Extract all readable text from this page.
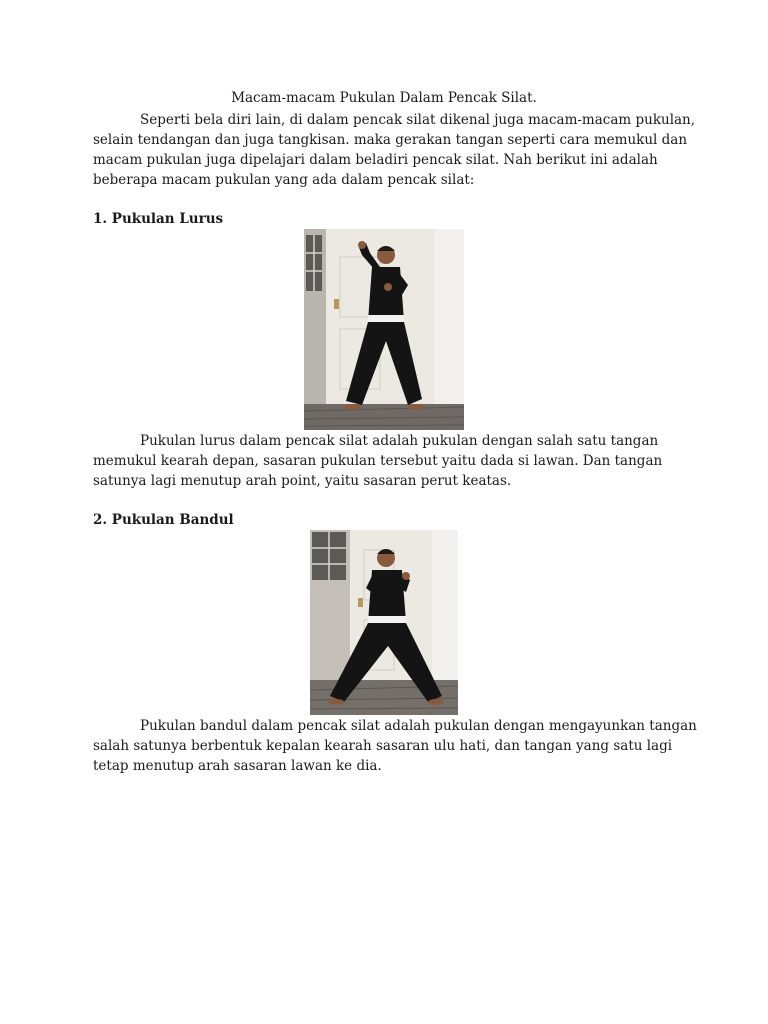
Macam-macam Pukulan Dalam Pencak Silat.

Seperti bela diri lain, di dalam pencak silat dikenal juga macam-macam pukulan,
selain tendangan dan juga tangkisan. maka gerakan tangan seperti cara memukul dan
macam pukulan juga dipelajari dalam beladiri pencak silat. Nah berikut ini adalah
beberapa macam pukulan yang ada dalam pencak silat:

1. Pukulan Lurus

Pukulan lurus dalam pencak silat adalah pukulan dengan salah satu tangan
memukul kearah depan, sasaran pukulan tersebut yaitu dada si lawan. Dan tangan
satunya lagi menutup arah point, yaitu sasaran perut keatas.

2. Pukulan Bandul

Pukulan bandul dalam pencak silat adalah pukulan dengan mengayunkan tangan
salah satunya berbentuk kepalan kearah sasaran ulu hati, dan tangan yang satu lagi
tetap menutup arah sasaran lawan ke dia.
